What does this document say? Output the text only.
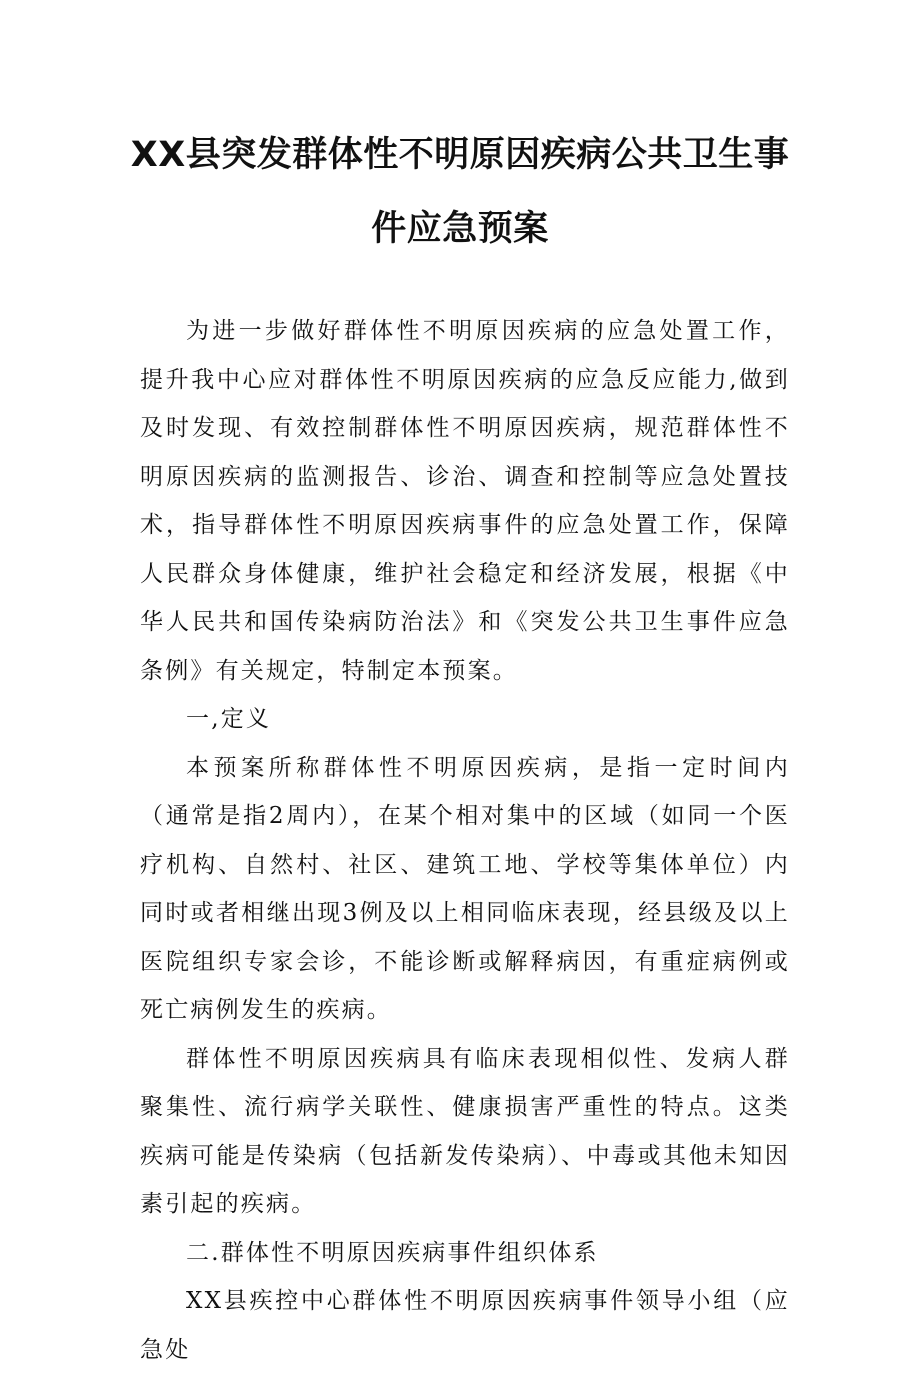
XX县突发群体性不明原因疾病公共卫生事
件应急预案

为进一步做好群体性不明原因疾病的应急处置工作，提升我中心应对群体性不明原因疾病的应急反应能力,做到及时发现、有效控制群体性不明原因疾病，规范群体性不明原因疾病的监测报告、诊治、调查和控制等应急处置技术，指导群体性不明原因疾病事件的应急处置工作，保障人民群众身体健康，维护社会稳定和经济发展，根据《中华人民共和国传染病防治法》和《突发公共卫生事件应急条例》有关规定，特制定本预案。

一,定义

本预案所称群体性不明原因疾病，是指一定时间内（通常是指2周内），在某个相对集中的区域（如同一个医疗机构、自然村、社区、建筑工地、学校等集体单位）内同时或者相继出现3例及以上相同临床表现，经县级及以上医院组织专家会诊，不能诊断或解释病因，有重症病例或死亡病例发生的疾病。

群体性不明原因疾病具有临床表现相似性、发病人群聚集性、流行病学关联性、健康损害严重性的特点。这类疾病可能是传染病（包括新发传染病）、中毒或其他未知因素引起的疾病。

二.群体性不明原因疾病事件组织体系

XX县疾控中心群体性不明原因疾病事件领导小组（应急处
